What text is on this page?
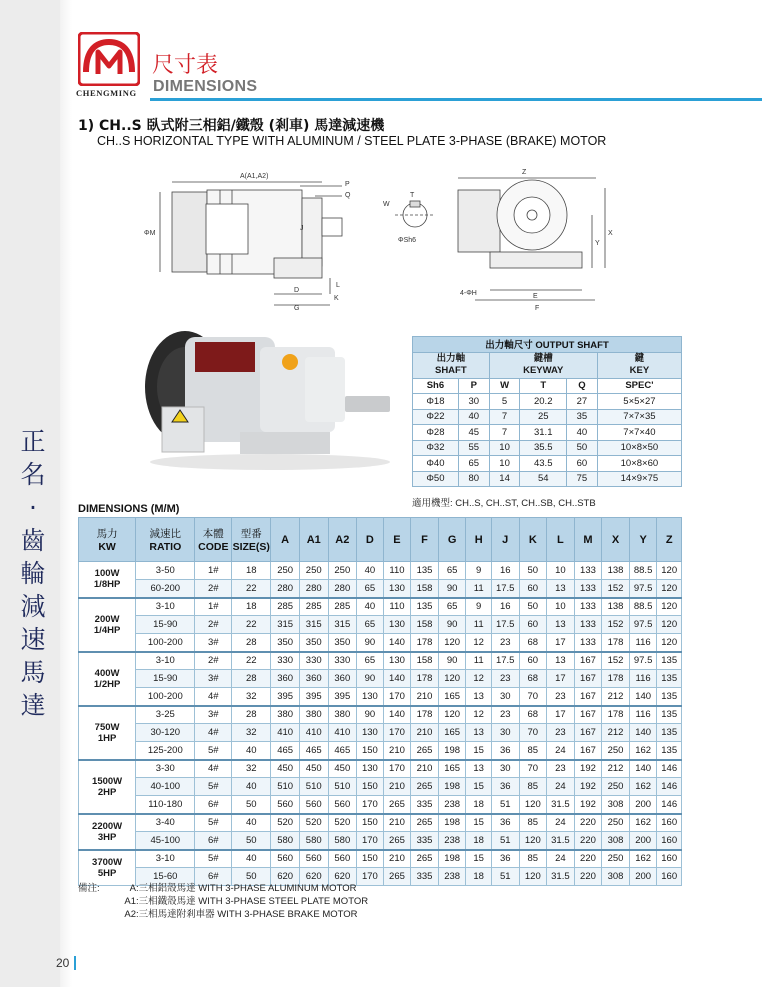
正
名
·
齒
輪
減
速
馬
達
CHENGMING
尺寸表
DIMENSIONS
1) CH..S 臥式附三相鋁/鐵殼 (剎車) 馬達減速機
CH..S HORIZONTAL TYPE WITH ALUMINUM / STEEL PLATE 3-PHASE (BRAKE) MOTOR
A(A1,A2)
P
Q
ΦM
J
L
D
K
G
T
W
ΦSh6
Z
X
Y
4-ΦH	E
F
出力軸尺寸 OUTPUT SHAFT					
出力軸
SHAFT		鍵槽
KEYWAY			鍵
KEY
Sh6	P	W	T	Q	SPEC'
Φ18	30	5	20.2	27	5×5×27
Φ22	40	7	25	35	7×7×35
Φ28	45	7	31.1	40	7×7×40
Φ32	55	10	35.5	50	10×8×50
Φ40	65	10	43.5	60	10×8×60
Φ50	80	14	54	75	14×9×75
適用機型: CH..S, CH..ST, CH..SB, CH..STB
DIMENSIONS (M/M)
馬力
KW	減速比
RATIO	本體
CODE	型番
SIZE(S)	A	A1	A2	D	E	F	G	H	J	K	L	M	X	Y	Z
100W
1/8HP	3-50	1#	18	250	250	250	40	110	135	65	9	16	50	10	133	138	88.5	120
	60-200	2#	22	280	280	280	65	130	158	90	11	17.5	60	13	133	152	97.5	120
200W
1/4HP	3-10	1#	18	285	285	285	40	110	135	65	9	16	50	10	133	138	88.5	120
	15-90	2#	22	315	315	315	65	130	158	90	11	17.5	60	13	133	152	97.5	120
	100-200	3#	28	350	350	350	90	140	178	120	12	23	68	17	133	178	116	120
400W
1/2HP	3-10	2#	22	330	330	330	65	130	158	90	11	17.5	60	13	167	152	97.5	135
	15-90	3#	28	360	360	360	90	140	178	120	12	23	68	17	167	178	116	135
	100-200	4#	32	395	395	395	130	170	210	165	13	30	70	23	167	212	140	135
750W
1HP	3-25	3#	28	380	380	380	90	140	178	120	12	23	68	17	167	178	116	135
	30-120	4#	32	410	410	410	130	170	210	165	13	30	70	23	167	212	140	135
	125-200	5#	40	465	465	465	150	210	265	198	15	36	85	24	167	250	162	135
1500W
2HP	3-30	4#	32	450	450	450	130	170	210	165	13	30	70	23	192	212	140	146
	40-100	5#	40	510	510	510	150	210	265	198	15	36	85	24	192	250	162	146
	110-180	6#	50	560	560	560	170	265	335	238	18	51	120	31.5	192	308	200	146
2200W
3HP	3-40	5#	40	520	520	520	150	210	265	198	15	36	85	24	220	250	162	160
	45-100	6#	50	580	580	580	170	265	335	238	18	51	120	31.5	220	308	200	160
3700W
5HP	3-10	5#	40	560	560	560	150	210	265	198	15	36	85	24	220	250	162	160
	15-60	6#	50	620	620	620	170	265	335	238	18	51	120	31.5	220	308	200	160
備注:	A : 三相鋁殼馬達 WITH 3-PHASE ALUMINUM MOTOR
A1 : 三相鐵殼馬達 WITH 3-PHASE STEEL PLATE MOTOR
A2 : 三相馬達附剎車器 WITH 3-PHASE BRAKE MOTOR
20
